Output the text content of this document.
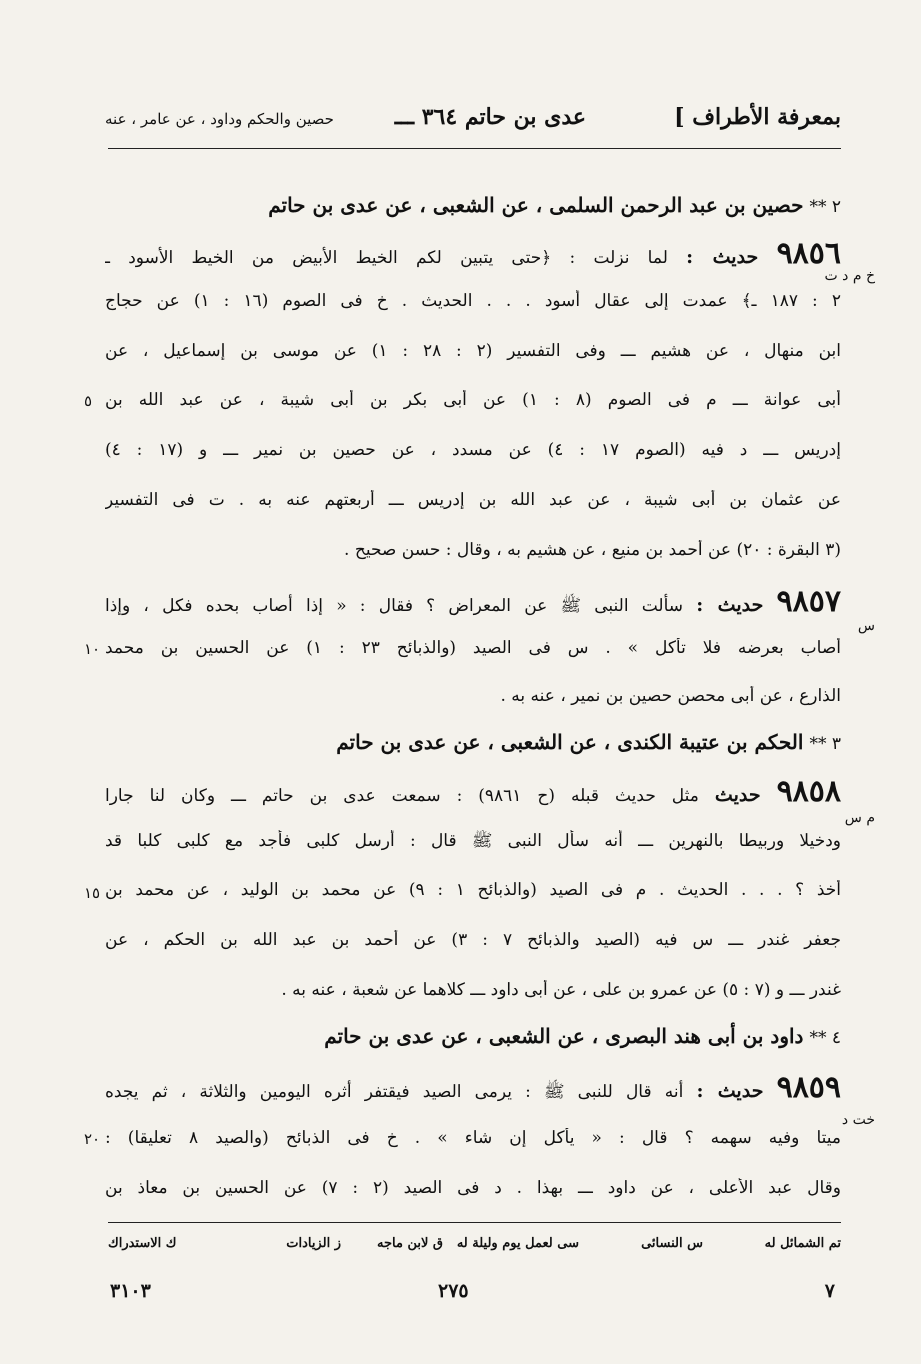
بمعرفة الأطراف ]
عدى بن حاتم ٣٦٤ ـــ
حصين والحكم وداود ، عن عامر ، عنه
٢ **حصين بن عبد الرحمن السلمى ، عن الشعبى ، عن عدى بن حاتم
٩٨٥٦ حديث : لما نزلت : ﴿حتى يتبين لكم الخيط الأبيض من الخيط الأسود ـ
خ م د ت
٢ : ١٨٧ ـ﴾ عمدت إلى عقال أسود . . . الحديث . خ فى الصوم (١٦ : ١) عن حجاج
ابن منهال ، عن هشيم ـــ وفى التفسير (٢ : ٢٨ : ١) عن موسى بن إسماعيل ، عن
أبى عوانة ـــ م فى الصوم (٨ : ١) عن أبى بكر بن أبى شيبة ، عن عبد الله بن
٥
إدريس ـــ د فيه (الصوم ١٧ : ٤) عن مسدد ، عن حصين بن نمير ـــ و (١٧ : ٤)
عن عثمان بن أبى شيبة ، عن عبد الله بن إدريس ـــ أربعتهم عنه به . ت فى التفسير
(٣ البقرة : ٢٠) عن أحمد بن منيع ، عن هشيم به ، وقال : حسن صحيح .
٩٨٥٧ حديث : سألت النبى ﷺ عن المعراض ؟ فقال : « إذا أصاب بحده فكل ، وإذا
س
أصاب بعرضه فلا تأكل » . س فى الصيد (والذبائح ٢٣ : ١) عن الحسين بن محمد
١٠
الذارع ، عن أبى محصن حصين بن نمير ، عنه به .
٣ **الحكم بن عتيبة الكندى ، عن الشعبى ، عن عدى بن حاتم
٩٨٥٨ حديث مثل حديث قبله (ح ٩٨٦١) : سمعت عدى بن حاتم ـــ وكان لنا جارا
م س
ودخيلا وربيطا بالنهرين ـــ أنه سأل النبى ﷺ قال : أرسل كلبى فأجد مع كلبى كلبا قد
أخذ ؟ . . . الحديث . م فى الصيد (والذبائح ١ : ٩) عن محمد بن الوليد ، عن محمد بن
١٥
جعفر غندر ـــ س فيه (الصيد والذبائح ٧ : ٣) عن أحمد بن عبد الله بن الحكم ، عن
غندر ـــ و (٧ : ٥) عن عمرو بن على ، عن أبى داود ـــ كلاهما عن شعبة ، عنه به .
٤ **داود بن أبى هند البصرى ، عن الشعبى ، عن عدى بن حاتم
٩٨٥٩ حديث : أنه قال للنبى ﷺ : يرمى الصيد فيقتفر أثره اليومين والثلاثة ، ثم يجده
خت د
ميتا وفيه سهمه ؟ قال : « يأكل إن شاء » . خ فى الذبائح (والصيد ٨ تعليقا) :
٢٠
وقال عبد الأعلى ، عن داود ـــ بهذا . د فى الصيد (٢ : ٧) عن الحسين بن معاذ بن
تم الشمائل له
س النسائى
سى لعمل يوم وليلة له
ق لابن ماجه
ز الزيادات
ك الاستدراك
٧
٢٧٥
٣١٠٣
